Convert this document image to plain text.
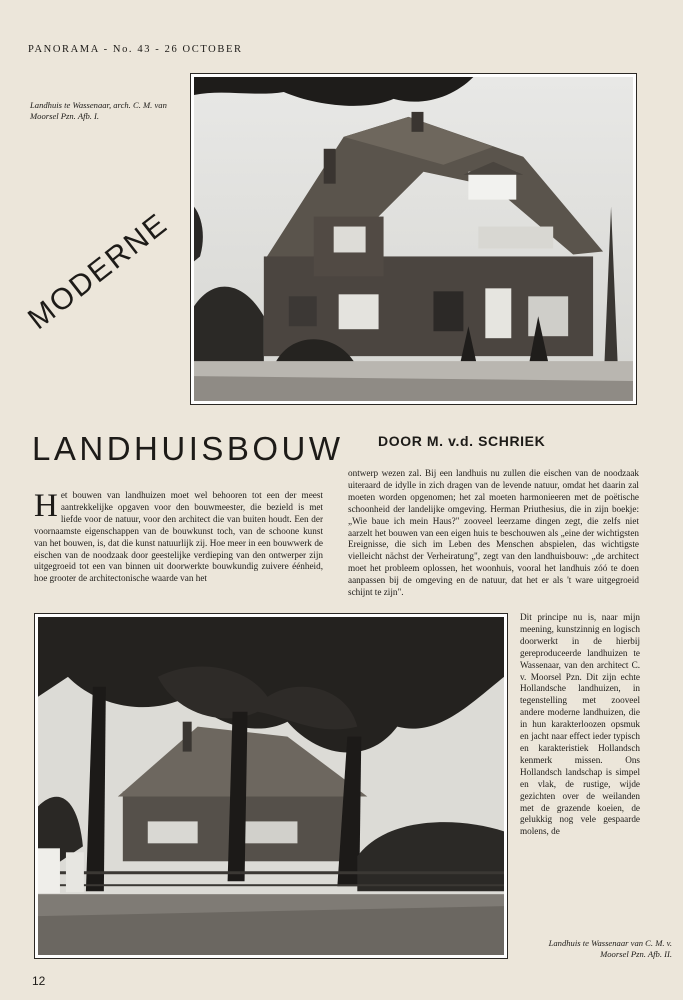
PANORAMA - No. 43 - 26 OCTOBER
Landhuis te Wassenaar, arch. C. M. van Moorsel Pzn. Afb. I.
MODERNE
LANDHUISBOUW DOOR M. v.d. SCHRIEK
Het bouwen van landhuizen moet wel behooren tot een der meest aantrekkelijke opgaven voor den bouwmeester, die bezield is met liefde voor de natuur, voor den architect die van buiten houdt. Een der voornaamste eigenschappen van de bouwkunst toch, van de schoone kunst van het bouwen, is, dat die kunst natuurlijk zij. Hoe meer in een bouwwerk de eischen van de noodzaak door geestelijke verdieping van den ontwerper zijn uitgegroeid tot een van binnen uit doorwerkte bouwkundig zuivere éénheid, hoe grooter de architectonische waarde van het
ontwerp wezen zal. Bij een landhuis nu zullen die eischen van de noodzaak uiteraard de idylle in zich dragen van de levende natuur, omdat het daarin zal moeten worden opgenomen; het zal moeten harmonieeren met de poëtische schoonheid der landelijke omgeving. Herman Priuthesius, die in zijn boekje: „Wie baue ich mein Haus?" zooveel leerzame dingen zegt, die zelfs niet aarzelt het bouwen van een eigen huis te beschouwen als „eine der wichtigsten Ereignisse, die sich im Leben des Menschen abspielen, das wichtigste vielleicht nächst der Verheiratung", zegt van den landhuisbouw: „de architect moet het probleem oplossen, het woonhuis, vooral het landhuis zóó te doen aanpassen bij de omgeving en de natuur, dat het er als 't ware uitgegroeid schijnt te zijn".
Dit principe nu is, naar mijn meening, kunstzinnig en logisch doorwerkt in de hierbij gereproduceerde landhuizen te Wassenaar, van den architect C. v. Moorsel Pzn. Dit zijn echte Hollandsche landhuizen, in tegenstelling met zooveel andere moderne landhuizen, die in hun karakterloozen opsmuk en jacht naar effect ieder typisch en karakteristiek Hollandsch kenmerk missen. Ons Hollandsch landschap is simpel en vlak, de rustige, wijde gezichten over de weilanden met de grazende koeien, de gelukkig nog vele gespaarde molens, de
Landhuis te Wassenaar van C. M. v. Moorsel Pzn. Afb. II.
12
